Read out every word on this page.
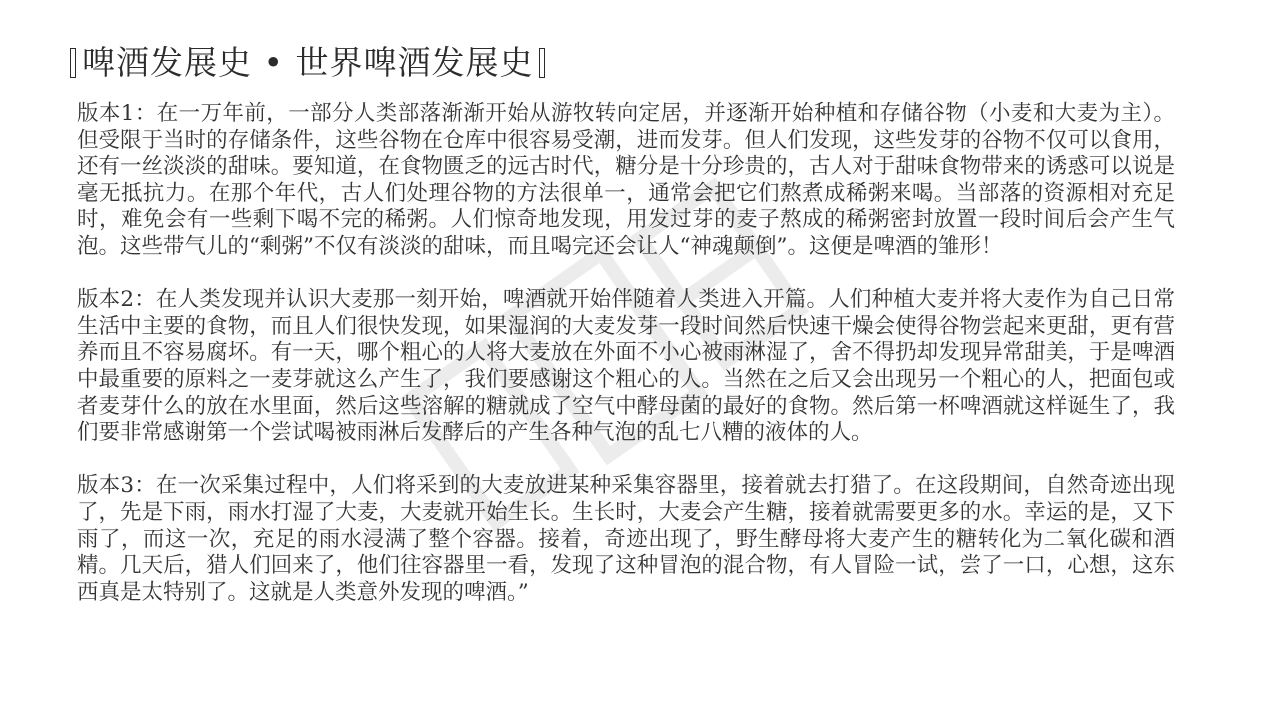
啤酒发展史 • 世界啤酒发展史

版本1：在一万年前，一部分人类部落渐渐开始从游牧转向定居，并逐渐开始种植和存储谷物（小麦和大麦为主）。但受限于当时的存储条件，这些谷物在仓库中很容易受潮，进而发芽。但人们发现，这些发芽的谷物不仅可以食用，还有一丝淡淡的甜味。要知道，在食物匮乏的远古时代，糖分是十分珍贵的，古人对于甜味食物带来的诱惑可以说是毫无抵抗力。在那个年代，古人们处理谷物的方法很单一，通常会把它们熬煮成稀粥来喝。当部落的资源相对充足时，难免会有一些剩下喝不完的稀粥。人们惊奇地发现，用发过芽的麦子熬成的稀粥密封放置一段时间后会产生气泡。这些带气儿的“剩粥”不仅有淡淡的甜味，而且喝完还会让人“神魂颠倒”。这便是啤酒的雏形！

版本2：在人类发现并认识大麦那一刻开始，啤酒就开始伴随着人类进入开篇。人们种植大麦并将大麦作为自己日常生活中主要的食物，而且人们很快发现，如果湿润的大麦发芽一段时间然后快速干燥会使得谷物尝起来更甜，更有营养而且不容易腐坏。有一天，哪个粗心的人将大麦放在外面不小心被雨淋湿了，舍不得扔却发现异常甜美，于是啤酒中最重要的原料之一麦芽就这么产生了，我们要感谢这个粗心的人。当然在之后又会出现另一个粗心的人，把面包或者麦芽什么的放在水里面，然后这些溶解的糖就成了空气中酵母菌的最好的食物。然后第一杯啤酒就这样诞生了，我们要非常感谢第一个尝试喝被雨淋后发酵后的产生各种气泡的乱七八糟的液体的人。

版本3：在一次采集过程中，人们将采到的大麦放进某种采集容器里，接着就去打猎了。在这段期间，自然奇迹出现了，先是下雨，雨水打湿了大麦，大麦就开始生长。生长时，大麦会产生糖，接着就需要更多的水。幸运的是，又下雨了，而这一次，充足的雨水浸满了整个容器。接着，奇迹出现了，野生酵母将大麦产生的糖转化为二氧化碳和酒精。几天后，猎人们回来了，他们往容器里一看，发现了这种冒泡的混合物，有人冒险一试，尝了一口，心想，这东西真是太特别了。这就是人类意外发现的啤酒。”
